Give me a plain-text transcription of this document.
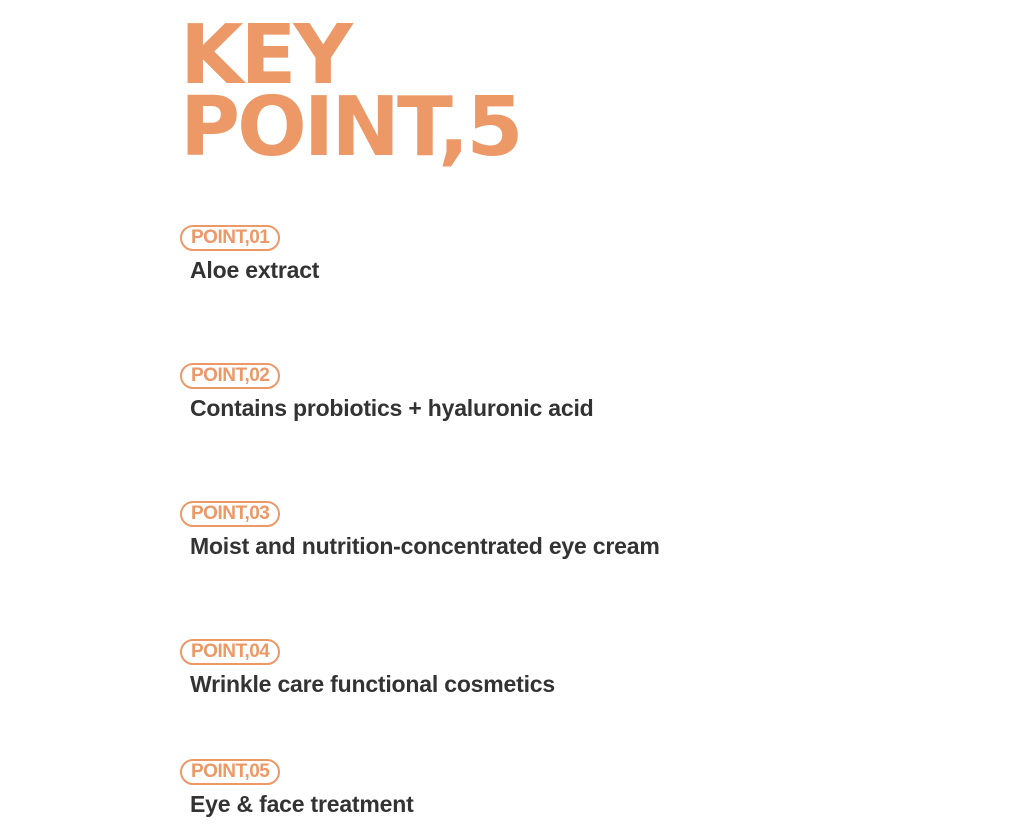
KEY
POINT,5
POINT,01
Aloe extract
POINT,02
Contains probiotics + hyaluronic acid
POINT,03
Moist and nutrition-concentrated eye cream
POINT,04
Wrinkle care functional cosmetics
POINT,05
Eye & face treatment
